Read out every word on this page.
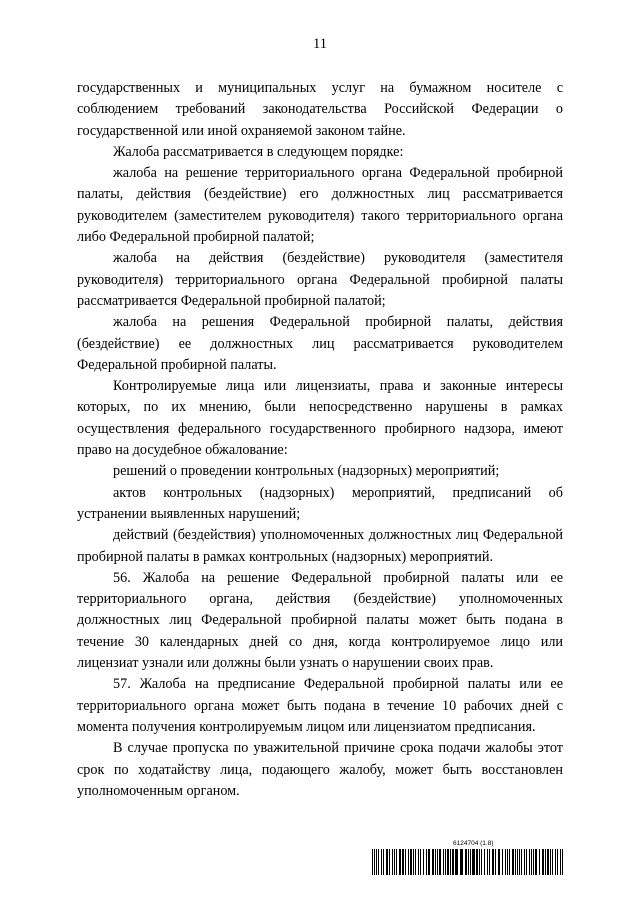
11

государственных и муниципальных услуг на бумажном носителе с соблюдением требований законодательства Российской Федерации о государственной или иной охраняемой законом тайне.

Жалоба рассматривается в следующем порядке:

жалоба на решение территориального органа Федеральной пробирной палаты, действия (бездействие) его должностных лиц рассматривается руководителем (заместителем руководителя) такого территориального органа либо Федеральной пробирной палатой;

жалоба на действия (бездействие) руководителя (заместителя руководителя) территориального органа Федеральной пробирной палаты рассматривается Федеральной пробирной палатой;

жалоба на решения Федеральной пробирной палаты, действия (бездействие) ее должностных лиц рассматривается руководителем Федеральной пробирной палаты.

Контролируемые лица или лицензиаты, права и законные интересы которых, по их мнению, были непосредственно нарушены в рамках осуществления федерального государственного пробирного надзора, имеют право на досудебное обжалование:

решений о проведении контрольных (надзорных) мероприятий;

актов контрольных (надзорных) мероприятий, предписаний об устранении выявленных нарушений;

действий (бездействия) уполномоченных должностных лиц Федеральной пробирной палаты в рамках контрольных (надзорных) мероприятий.

56. Жалоба на решение Федеральной пробирной палаты или ее территориального органа, действия (бездействие) уполномоченных должностных лиц Федеральной пробирной палаты может быть подана в течение 30 календарных дней со дня, когда контролируемое лицо или лицензиат узнали или должны были узнать о нарушении своих прав.

57. Жалоба на предписание Федеральной пробирной палаты или ее территориального органа может быть подана в течение 10 рабочих дней с момента получения контролируемым лицом или лицензиатом предписания.

В случае пропуска по уважительной причине срока подачи жалобы этот срок по ходатайству лица, подающего жалобу, может быть восстановлен уполномоченным органом.

6124704 (1.8)
